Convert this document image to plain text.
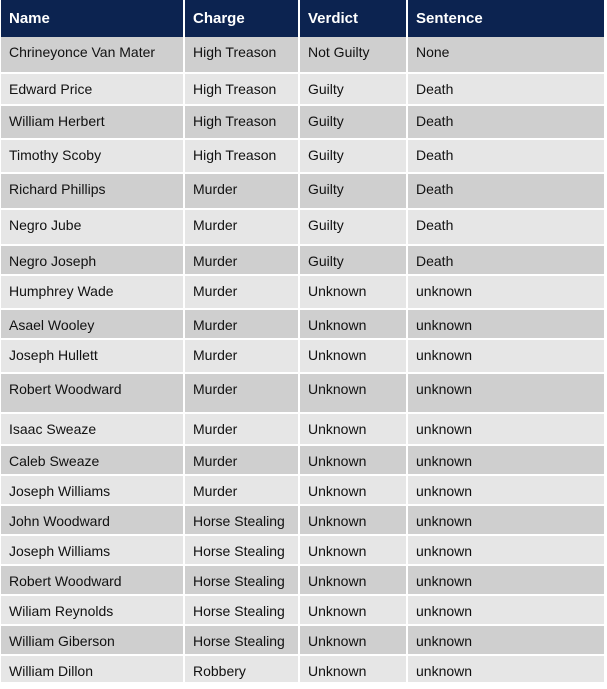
Name	Charge	Verdict	Sentence
Chrineyonce Van Mater	High Treason	Not Guilty	None
Edward Price	High Treason	Guilty	Death
William Herbert	High Treason	Guilty	Death
Timothy Scoby	High Treason	Guilty	Death
Richard Phillips	Murder	Guilty	Death
Negro Jube	Murder	Guilty	Death
Negro Joseph	Murder	Guilty	Death
Humphrey Wade	Murder	Unknown	unknown
Asael Wooley	Murder	Unknown	unknown
Joseph Hullett	Murder	Unknown	unknown
Robert Woodward	Murder	Unknown	unknown
Isaac Sweaze	Murder	Unknown	unknown
Caleb Sweaze	Murder	Unknown	unknown
Joseph Williams	Murder	Unknown	unknown
John Woodward	Horse Stealing	Unknown	unknown
Joseph Williams	Horse Stealing	Unknown	unknown
Robert Woodward	Horse Stealing	Unknown	unknown
Wiliam Reynolds	Horse Stealing	Unknown	unknown
William Giberson	Horse Stealing	Unknown	unknown
William Dillon	Robbery	Unknown	unknown
